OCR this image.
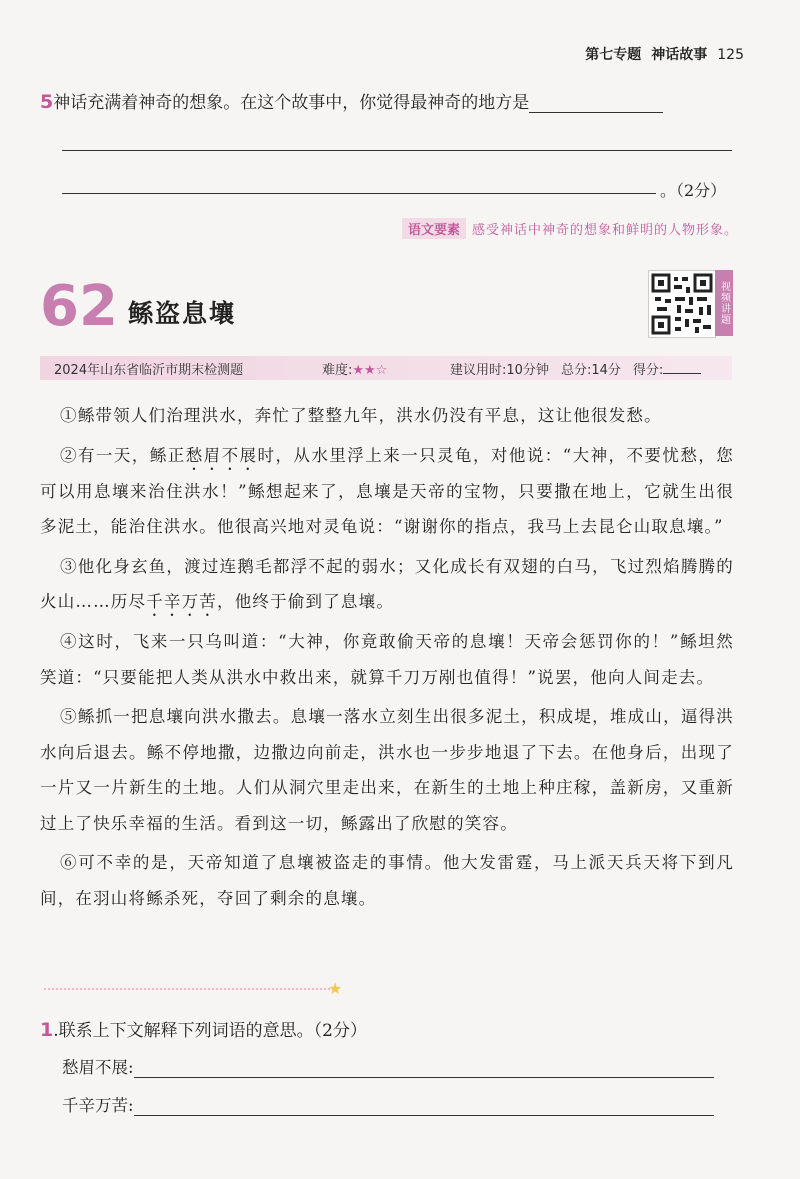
第七专题 神话故事 125
5神话充满着神奇的想象。在这个故事中，你觉得最神奇的地方是
。（2分）
语文要素 感受神话中神奇的想象和鲜明的人物形象。
62 鲧盗息壤	视频讲题
2024年山东省临沂市期末检测题	难度:★★☆	建议用时:10分钟 总分:14分 得分:

①鲧带领人们治理洪水，奔忙了整整九年，洪水仍没有平息，这让他很发愁。

②有一天，鲧正愁眉不展时，从水里浮上来一只灵龟，对他说：“大神，不要忧愁，您可以用息壤来治住洪水！”鲧想起来了，息壤是天帝的宝物，只要撒在地上，它就生出很多泥土，能治住洪水。他很高兴地对灵龟说：“谢谢你的指点，我马上去昆仑山取息壤。”

③他化身玄鱼，渡过连鹅毛都浮不起的弱水；又化成长有双翅的白马，飞过烈焰腾腾的火山……历尽千辛万苦，他终于偷到了息壤。

④这时，飞来一只乌叫道：“大神，你竟敢偷天帝的息壤！天帝会惩罚你的！”鲧坦然笑道：“只要能把人类从洪水中救出来，就算千刀万剐也值得！”说罢，他向人间走去。

⑤鲧抓一把息壤向洪水撒去。息壤一落水立刻生出很多泥土，积成堤，堆成山，逼得洪水向后退去。鲧不停地撒，边撒边向前走，洪水也一步步地退了下去。在他身后，出现了一片又一片新生的土地。人们从洞穴里走出来，在新生的土地上种庄稼，盖新房，又重新过上了快乐幸福的生活。看到这一切，鲧露出了欣慰的笑容。

⑥可不幸的是，天帝知道了息壤被盗走的事情。他大发雷霆，马上派天兵天将下到凡间，在羽山将鲧杀死，夺回了剩余的息壤。

★
1.联系上下文解释下列词语的意思。（2分）
愁眉不展:
千辛万苦:
